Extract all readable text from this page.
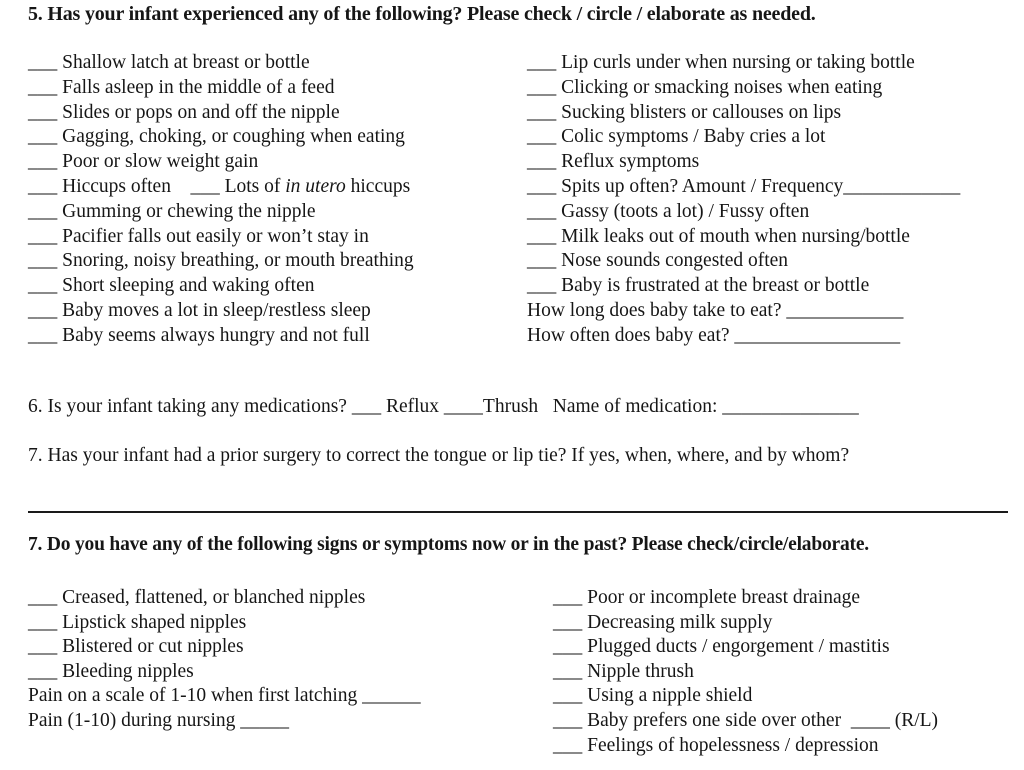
5. Has your infant experienced any of the following? Please check / circle / elaborate as needed.
___ Shallow latch at breast or bottle
___ Falls asleep in the middle of a feed
___ Slides or pops on and off the nipple
___ Gagging, choking, or coughing when eating
___ Poor or slow weight gain
___ Hiccups often    ___ Lots of in utero hiccups
___ Gumming or chewing the nipple
___ Pacifier falls out easily or won’t stay in
___ Snoring, noisy breathing, or mouth breathing
___ Short sleeping and waking often
___ Baby moves a lot in sleep/restless sleep
___ Baby seems always hungry and not full
___ Lip curls under when nursing or taking bottle
___ Clicking or smacking noises when eating
___ Sucking blisters or callouses on lips
___ Colic symptoms / Baby cries a lot
___ Reflux symptoms
___ Spits up often? Amount / Frequency____________
___ Gassy (toots a lot) / Fussy often
___ Milk leaks out of mouth when nursing/bottle
___ Nose sounds congested often
___ Baby is frustrated at the breast or bottle
How long does baby take to eat? ____________
How often does baby eat? _________________

6. Is your infant taking any medications? ___ Reflux ____Thrush   Name of medication: ______________

7. Has your infant had a prior surgery to correct the tongue or lip tie? If yes, when, where, and by whom?

7. Do you have any of the following signs or symptoms now or in the past? Please check/circle/elaborate.
___ Creased, flattened, or blanched nipples
___ Lipstick shaped nipples
___ Blistered or cut nipples
___ Bleeding nipples
Pain on a scale of 1-10 when first latching ______
Pain (1-10) during nursing _____
___ Poor or incomplete breast drainage
___ Decreasing milk supply
___ Plugged ducts / engorgement / mastitis
___ Nipple thrush
___ Using a nipple shield
___ Baby prefers one side over other  ____ (R/L)
___ Feelings of hopelessness / depression
